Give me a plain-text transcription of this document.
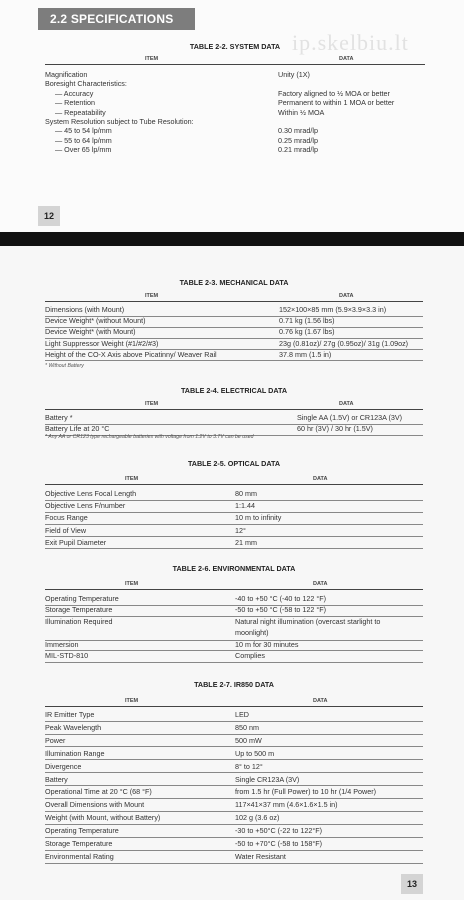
2.2 SPECIFICATIONS
ip.skelbiu.lt
TABLE 2-2. SYSTEM DATA
ITEM	DATA
Magnification	Unity (1X)
Boresight Characteristics:
— Accuracy	Factory aligned to ½ MOA or better
— Retention	Permanent to within 1 MOA or better
— Repeatability	Within ½ MOA
System Resolution subject to Tube Resolution:
— 45 to 54 lp/mm	0.30 mrad/lp
— 55 to 64 lp/mm	0.25 mrad/lp
— Over 65 lp/mm	0.21 mrad/lp
12
TABLE 2-3. MECHANICAL DATA
ITEM	DATA
Dimensions (with Mount)	152×100×85 mm (5.9×3.9×3.3 in)
Device Weight* (without Mount)	0.71 kg (1.56 lbs)
Device Weight* (with Mount)	0.76 kg (1.67 lbs)
Light Suppressor Weight (#1/#2/#3)	23g (0.81oz)/ 27g (0.95oz)/ 31g (1.09oz)
Height of the CO-X Axis above Picatinny/ Weaver Rail	37.8 mm (1.5 in)
* Without Battery
TABLE 2-4. ELECTRICAL DATA
ITEM	DATA
Battery *	Single AA (1.5V) or CR123A (3V)
Battery Life at 20 °C	60 hr (3V) / 30 hr (1.5V)
* Any AA or CR123 type rechargeable batteries with voltage from 1.2V to 3.7V can be used
TABLE 2-5. OPTICAL DATA
ITEM	DATA
Objective Lens Focal Length	80 mm
Objective Lens F/number	1:1.44
Focus Range	10 m to infinity
Field of View	12°
Exit Pupil Diameter	21 mm
TABLE 2-6. ENVIRONMENTAL DATA
ITEM	DATA
Operating Temperature	-40 to +50 °C (-40 to 122 °F)
Storage Temperature	-50 to +50 °C (-58 to 122 °F)
Illumination Required	Natural night illumination (overcast starlight to
moonlight)
Immersion	10 m for 30 minutes
MIL-STD-810	Complies
TABLE 2-7. IR850 DATA
ITEM	DATA
IR Emitter Type	LED
Peak Wavelength	850 nm
Power	500 mW
Illumination Range	Up to 500 m
Divergence	8° to 12°
Battery	Single CR123A (3V)
Operational Time at 20 °C (68 °F)	from 1.5 hr (Full Power) to 10 hr (1/4 Power)
Overall Dimensions with Mount	117×41×37 mm (4.6×1.6×1.5 in)
Weight (with Mount, without Battery)	102 g (3.6 oz)
Operating Temperature	-30 to +50°C (-22 to 122°F)
Storage Temperature	-50 to +70°C (-58 to 158°F)
Environmental Rating	Water Resistant
13
